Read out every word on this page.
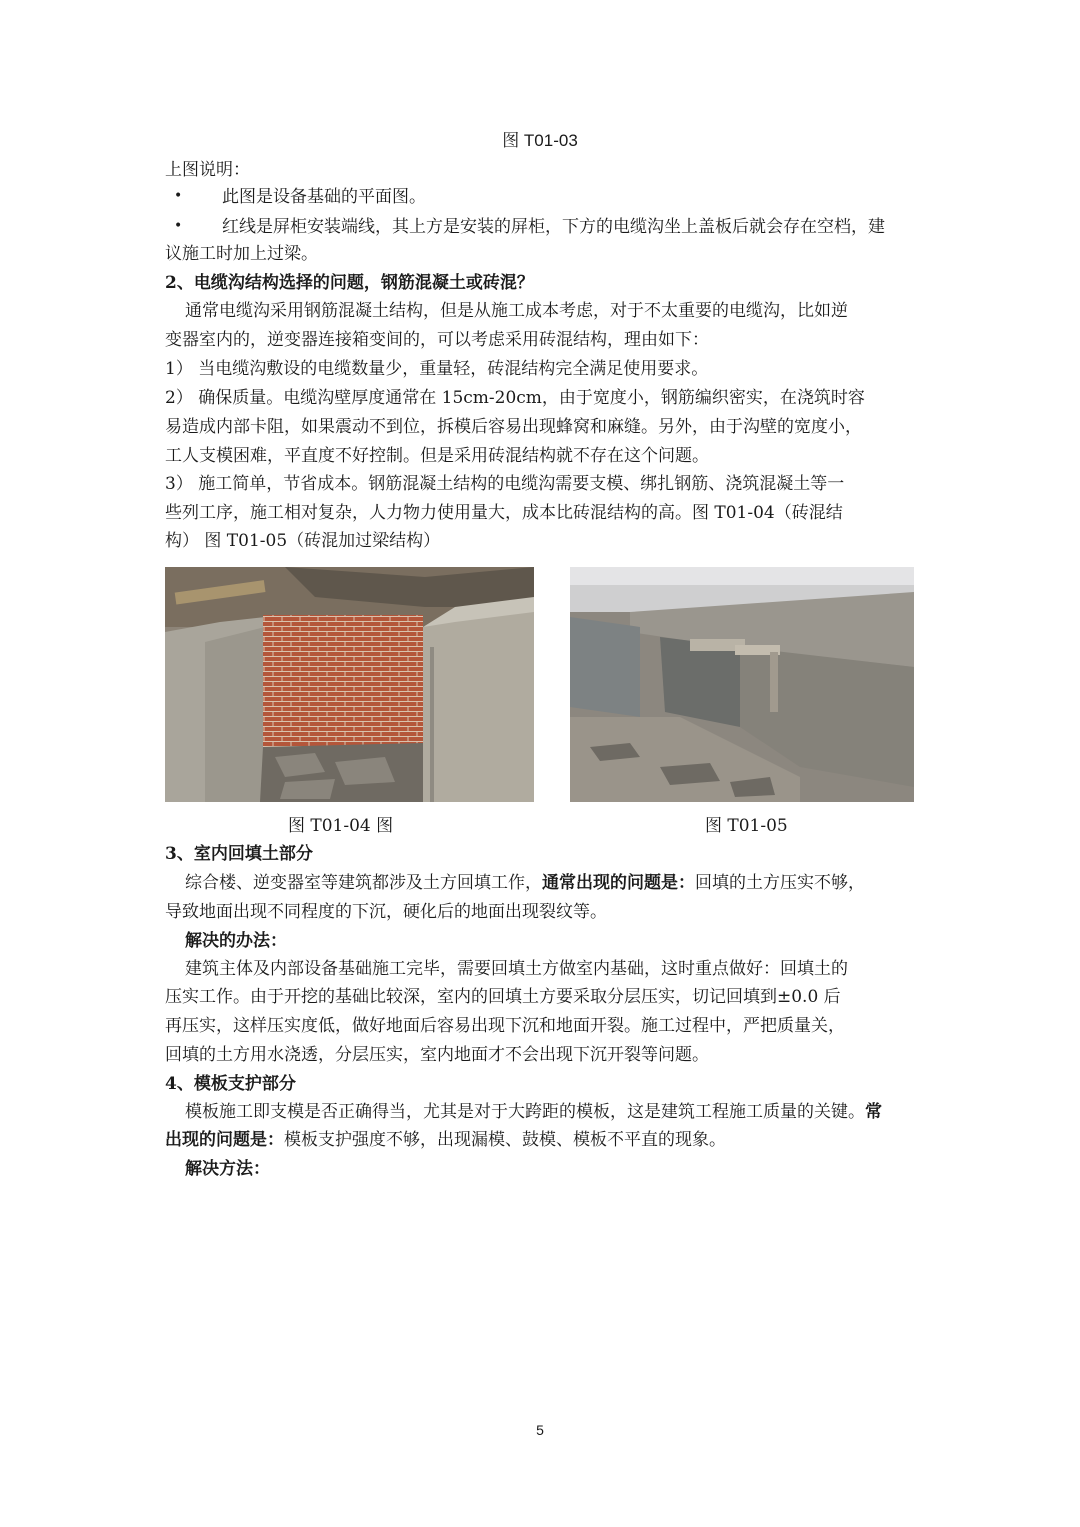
图 T01-03
上图说明：
• 此图是设备基础的平面图。
• 红线是屏柜安装端线，其上方是安装的屏柜，下方的电缆沟坐上盖板后就会存在空档，建
议施工时加上过梁。
2、电缆沟结构选择的问题，钢筋混凝土或砖混？
通常电缆沟采用钢筋混凝土结构，但是从施工成本考虑，对于不太重要的电缆沟，比如逆
变器室内的，逆变器连接箱变间的，可以考虑采用砖混结构，理由如下：
1） 当电缆沟敷设的电缆数量少，重量轻，砖混结构完全满足使用要求。
2） 确保质量。电缆沟壁厚度通常在 15cm-20cm，由于宽度小，钢筋编织密实，在浇筑时容
易造成内部卡阻，如果震动不到位，拆模后容易出现蜂窝和麻缝。另外，由于沟壁的宽度小，
工人支模困难，平直度不好控制。但是采用砖混结构就不存在这个问题。
3） 施工简单，节省成本。钢筋混凝土结构的电缆沟需要支模、绑扎钢筋、浇筑混凝土等一
些列工序，施工相对复杂，人力物力使用量大，成本比砖混结构的高。图 T01-04（砖混结
构） 图 T01-05（砖混加过梁结构）
图 T01-04 图	图 T01-05
3、室内回填土部分
综合楼、逆变器室等建筑都涉及土方回填工作，通常出现的问题是：回填的土方压实不够，
导致地面出现不同程度的下沉，硬化后的地面出现裂纹等。
解决的办法：
建筑主体及内部设备基础施工完毕，需要回填土方做室内基础，这时重点做好：回填土的
压实工作。由于开挖的基础比较深，室内的回填土方要采取分层压实，切记回填到±0.0 后
再压实，这样压实度低，做好地面后容易出现下沉和地面开裂。施工过程中，严把质量关，
回填的土方用水浇透，分层压实，室内地面才不会出现下沉开裂等问题。
4、模板支护部分
模板施工即支模是否正确得当，尤其是对于大跨距的模板，这是建筑工程施工质量的关键。常
出现的问题是：模板支护强度不够，出现漏模、鼓模、模板不平直的现象。
解决方法：
5
